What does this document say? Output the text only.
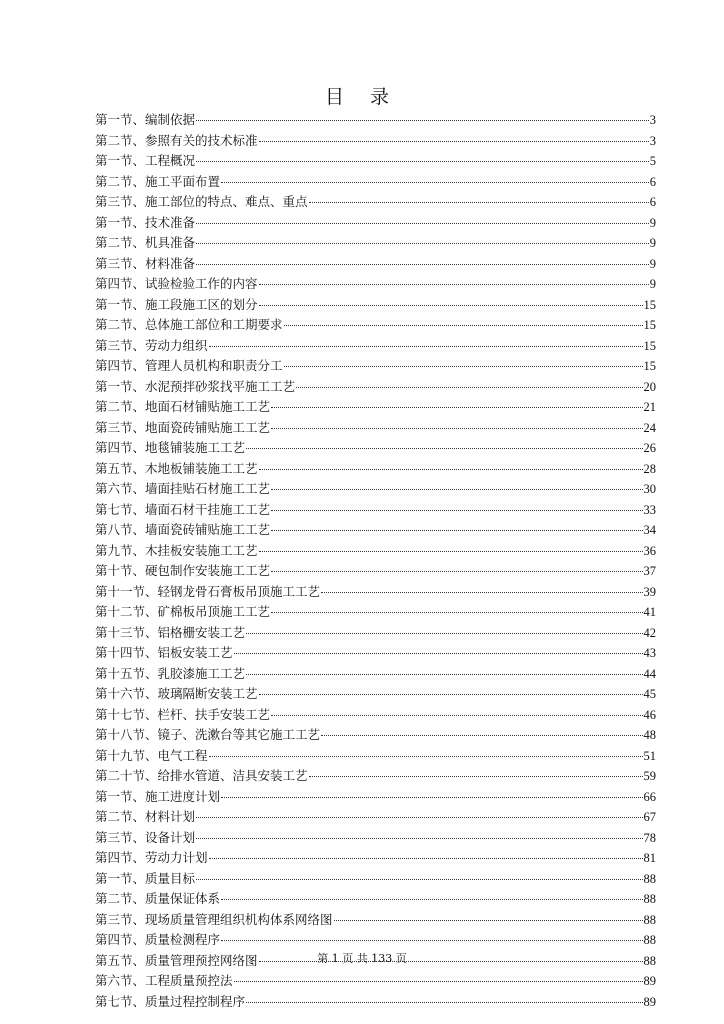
目 录
第一节、编制依据	3
第二节、参照有关的技术标准	3
第一节、工程概况	5
第二节、施工平面布置	6
第三节、施工部位的特点、难点、重点	6
第一节、技术准备	9
第二节、机具准备	9
第三节、材料准备	9
第四节、试验检验工作的内容	9
第一节、施工段施工区的划分	15
第二节、总体施工部位和工期要求	15
第三节、劳动力组织	15
第四节、管理人员机构和职责分工	15
第一节、水泥预拌砂浆找平施工工艺	20
第二节、地面石材铺贴施工工艺	21
第三节、地面瓷砖铺贴施工工艺	24
第四节、地毯铺装施工工艺	26
第五节、木地板铺装施工工艺	28
第六节、墙面挂贴石材施工工艺	30
第七节、墙面石材干挂施工工艺	33
第八节、墙面瓷砖铺贴施工工艺	34
第九节、木挂板安装施工工艺	36
第十节、硬包制作安装施工工艺	37
第十一节、轻钢龙骨石膏板吊顶施工工艺	39
第十二节、矿棉板吊顶施工工艺	41
第十三节、铝格栅安装工艺	42
第十四节、铝板安装工艺	43
第十五节、乳胶漆施工工艺	44
第十六节、玻璃隔断安装工艺	45
第十七节、栏杆、扶手安装工艺	46
第十八节、镜子、洗漱台等其它施工工艺	48
第十九节、电气工程	51
第二十节、给排水管道、洁具安装工艺	59
第一节、施工进度计划	66
第二节、材料计划	67
第三节、设备计划	78
第四节、劳动力计划	81
第一节、质量目标	88
第二节、质量保证体系	88
第三节、现场质量管理组织机构体系网络图	88
第四节、质量检测程序	88
第五节、质量管理预控网络图	88
第六节、工程质量预控法	89
第七节、质量过程控制程序	89

第 1 页 共 133 页
